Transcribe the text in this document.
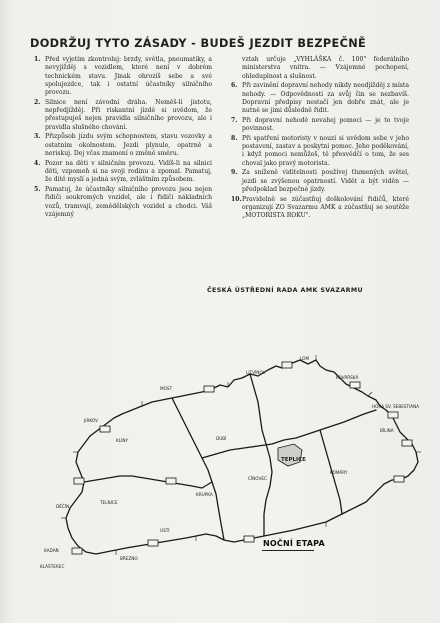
DODRŽUJ TYTO ZÁSADY - BUDEŠ JEZDIT BEZPEČNĚ
1. Před vyjetím zkontroluj: brzdy, světla, pneumatiky, a nevyjížděj s vozidlem, které není v dobrém technickém stavu. Jinak ohrozíš sebe a své spolujezdce, tak i ostatní účastníky silničního provozu.
2. Silnice není závodní dráha. Neměš-li jistotu, nepředjížděj. Při riskantní jízdě si uvědom, že přestupuješ nejen pravidla silničního provozu, ale i pravidla slušného chování.
3. Přizpůsob jízdu svým schopnostem, stavu vozovky a ostatním okolnostem. Jezdi plynule, opatrně a neriskuj. Dej včas znamení o změně směru.
4. Pozor na děti v silničním provozu. Vidíš-li na silnici děti, vzpomeň si na svoji rodinu a zpomal. Pamatuj, že dítě myslí a jedná svým, zvláštním způsobem.
5. Pamatuj, že účastníky silničního provozu jsou nejen řidiči soukromých vozidel, ale i řidiči nákladních vozů, tramvají, zemědělských vozidel a chodci. Váš vzájemný
vztah určuje „VYHLÁŠKA č. 100" federálního ministerstva vnitra. — Vzájemné pochopení, ohleduplnost a slušnost.
6. Při zavinění dopravní nehody nikdy neodjížděj z místa nehody. — Odpovědnosti za svůj čin se nezbavíš. Dopravní předpisy nestačí jen dobře znát, ale je nutné se jimi důsledně řídit.
7. Při dopravní nehodě nevahej pomoci — je to tvoje povinnost.
8. Při spatření motoristy v nouzi si uvědom sebe v jeho postavení, zastav a poskytni pomoc. Jeho poděkování, i když pomoci nemůžeš, tě přesvědčí o tom, že ses choval jako pravý motorista.
9. Za sníženě viditelnosti používej tlumených světel, jezdi se zvýšenou opatrností. Vidět a být viděn — předpoklad bezpečné jízdy.
10. Pravidelně se zúčastňuj doškolování řidičů, které organizují ZO Svazarmu AMK a zúčastňuj se soutěže „MOTORISTA ROKU".
ČESKÁ ÚSTŘEDNÍ RADA AMK SVAZARMU
KOVÁŘSKÁ
LOM
LITVÍNOV
MOST
HORA SV. ŠEBESTIÁNA
BÍLINA
JIRKOV
KLÍNY	DUBÍ
KOMÁRY
CÍNOVEC
KRUPKA
TELNICE
ÚSTÍ
DĚČÍN
BŘEZNO
KADAŇ
KLÁŠTEREC
TEPLICE
NOČNÍ ETAPA
